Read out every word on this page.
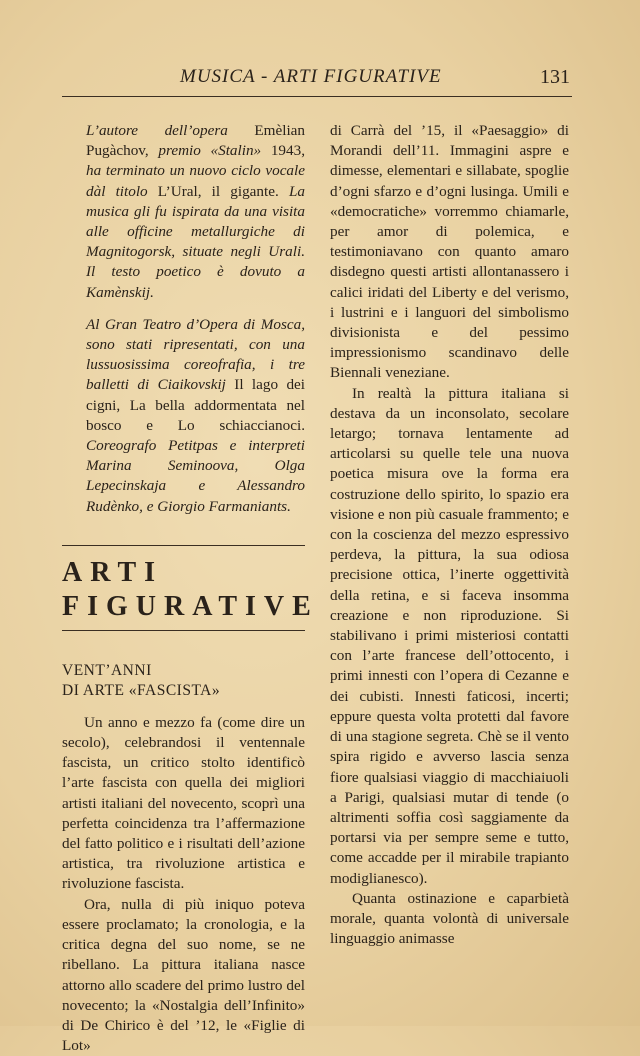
MUSICA - ARTI FIGURATIVE	131

L’autore dell’opera Emèlian Pugàchov, premio «Stalin» 1943, ha terminato un nuovo ciclo vocale dàl titolo L’Ural, il gigante. La musica gli fu ispirata da una visita alle officine metallurgiche di Magnitogorsk, situate negli Urali. Il testo poetico è dovuto a Kamènskij.

Al Gran Teatro d’Opera di Mosca, sono stati ripresentati, con una lussuosissima coreofrafia, i tre balletti di Ciaikovskij Il lago dei cigni, La bella addormentata nel bosco e Lo schiaccianoci. Coreografo Petitpas e interpreti Marina Seminoova, Olga Lepecinskaja e Alessandro Rudènko, e Giorgio Farmaniants.

ARTI
FIGURATIVE
VENT’ANNI
DI ARTE «FASCISTA»

Un anno e mezzo fa (come dire un secolo), celebrandosi il ventennale fascista, un critico stolto identificò l’arte fascista con quella dei migliori artisti italiani del novecento, scoprì una perfetta coincidenza tra l’affermazione del fatto politico e i risultati dell’azione artistica, tra rivoluzione artistica e rivoluzione fascista.

Ora, nulla di più iniquo poteva essere proclamato; la cronologia, e la critica degna del suo nome, se ne ribellano. La pittura italiana nasce attorno allo scadere del primo lustro del novecento; la «Nostalgia dell’Infinito» di De Chirico è del ’12, le «Figlie di Lot»

di Carrà del ’15, il «Paesaggio» di Morandi dell’11. Immagini aspre e dimesse, elementari e sillabate, spoglie d’ogni sfarzo e d’ogni lusinga. Umili e «democratiche» vorremmo chiamarle, per amor di polemica, e testimoniavano con quanto amaro disdegno questi artisti allontanassero i calici iridati del Liberty e del verismo, i lustrini e i languori del simbolismo divisionista e del pessimo impressionismo scandinavo delle Biennali veneziane.

In realtà la pittura italiana si destava da un inconsolato, secolare letargo; tornava lentamente ad articolarsi su quelle tele una nuova poetica misura ove la forma era costruzione dello spirito, lo spazio era visione e non più casuale frammento; e con la coscienza del mezzo espressivo perdeva, la pittura, la sua odiosa precisione ottica, l’inerte oggettività della retina, e si faceva insomma creazione e non riproduzione. Si stabilivano i primi misteriosi contatti con l’arte francese dell’ottocento, i primi innesti con l’opera di Cezanne e dei cubisti. Innesti faticosi, incerti; eppure questa volta protetti dal favore di una stagione segreta. Chè se il vento spira rigido e avverso lascia senza fiore qualsiasi viaggio di macchiaiuoli a Parigi, qualsiasi mutar di tende (o altrimenti soffia così saggiamente da portarsi via per sempre seme e tutto, come accadde per il mirabile trapianto modiglianesco).

Quanta ostinazione e caparbietà morale, quanta volontà di universale linguaggio animasse
